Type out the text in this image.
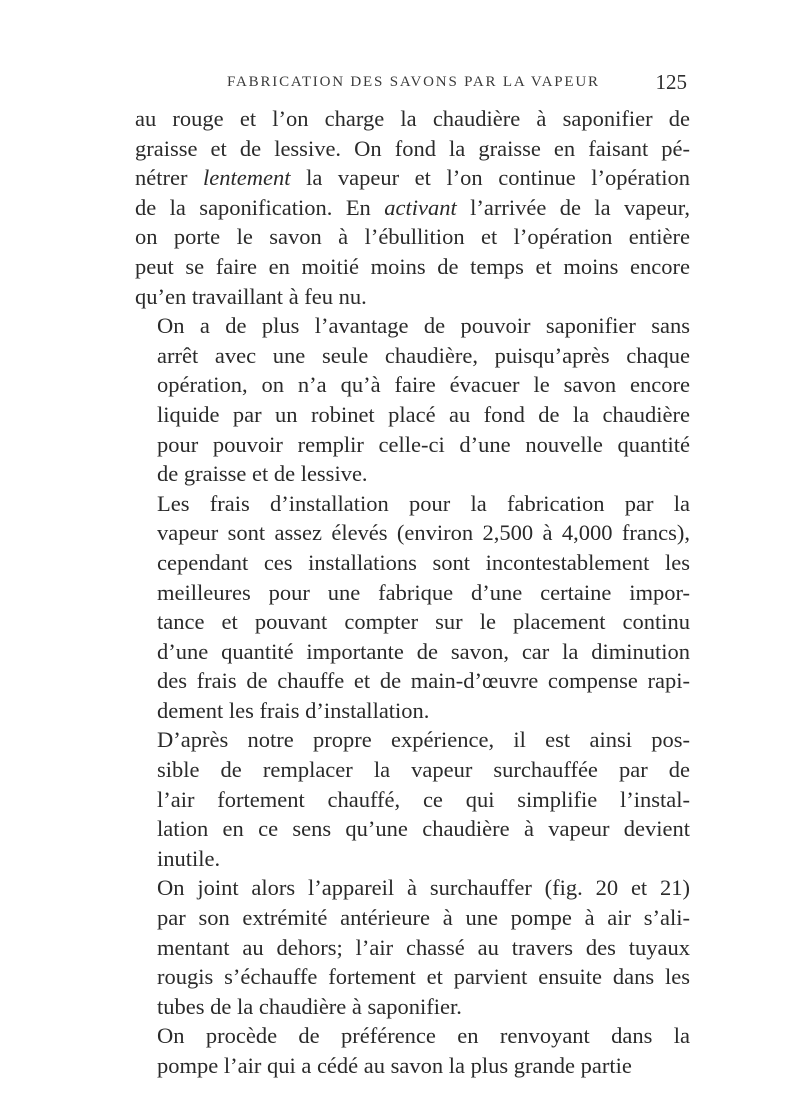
FABRICATION DES SAVONS PAR LA VAPEUR	125
au rouge et l’on charge la chaudière à saponifier de
graisse et de lessive. On fond la graisse en faisant pé-
nétrer lentement la vapeur et l’on continue l’opération
de la saponification. En activant l’arrivée de la vapeur,
on porte le savon à l’ébullition et l’opération entière
peut se faire en moitié moins de temps et moins encore
qu’en travaillant à feu nu.
On a de plus l’avantage de pouvoir saponifier sans
arrêt avec une seule chaudière, puisqu’après chaque
opération, on n’a qu’à faire évacuer le savon encore
liquide par un robinet placé au fond de la chaudière
pour pouvoir remplir celle-ci d’une nouvelle quantité
de graisse et de lessive.
Les frais d’installation pour la fabrication par la
vapeur sont assez élevés (environ 2,500 à 4,000 francs),
cependant ces installations sont incontestablement les
meilleures pour une fabrique d’une certaine impor-
tance et pouvant compter sur le placement continu
d’une quantité importante de savon, car la diminution
des frais de chauffe et de main-d’œuvre compense rapi-
dement les frais d’installation.
D’après notre propre expérience, il est ainsi pos-
sible de remplacer la vapeur surchauffée par de
l’air fortement chauffé, ce qui simplifie l’instal-
lation en ce sens qu’une chaudière à vapeur devient
inutile.
On joint alors l’appareil à surchauffer (fig. 20 et 21)
par son extrémité antérieure à une pompe à air s’ali-
mentant au dehors; l’air chassé au travers des tuyaux
rougis s’échauffe fortement et parvient ensuite dans les
tubes de la chaudière à saponifier.
On procède de préférence en renvoyant dans la
pompe l’air qui a cédé au savon la plus grande partie
